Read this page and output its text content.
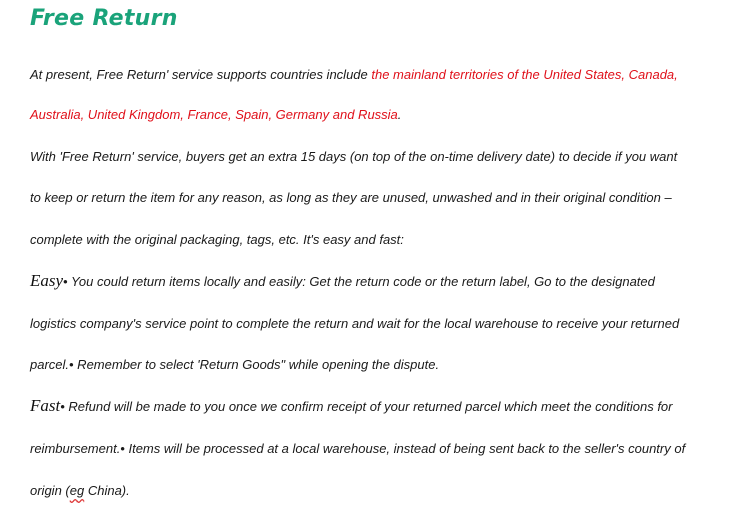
Free Return
At present, Free Return' service supports countries include the mainland territories of the United States, Canada,
Australia, United Kingdom, France, Spain, Germany and Russia.
With 'Free Return' service, buyers get an extra 15 days (on top of the on-time delivery date) to decide if you want
to keep or return the item for any reason, as long as they are unused, unwashed and in their original condition –
complete with the original packaging, tags, etc. It's easy and fast:
Easy• You could return items locally and easily: Get the return code or the return label, Go to the designated
logistics company's service point to complete the return and wait for the local warehouse to receive your returned
parcel.• Remember to select 'Return Goods" while opening the dispute.
Fast• Refund will be made to you once we confirm receipt of your returned parcel which meet the conditions for
reimbursement.• Items will be processed at a local warehouse, instead of being sent back to the seller's country of
origin (eg China).
